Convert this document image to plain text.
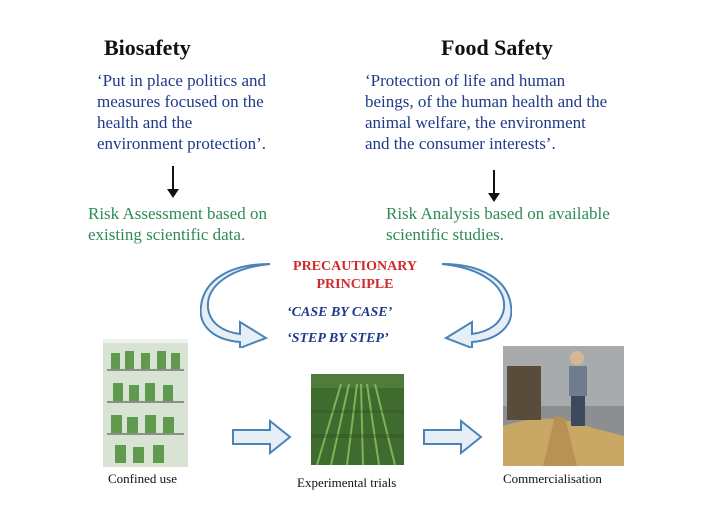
Biosafety	Food Safety
‘Put in place politics and
measures focused on the
health and the
environment protection’.
‘Protection of life and human
beings, of the human health and the
animal welfare, the environment
and the consumer interests’.
Risk Assessment based on
existing scientific data.
Risk Analysis based on available
scientific studies.
PRECAUTIONARY
PRINCIPLE
‘CASE BY CASE’
‘STEP BY STEP’
Confined use	Experimental trials	Commercialisation
